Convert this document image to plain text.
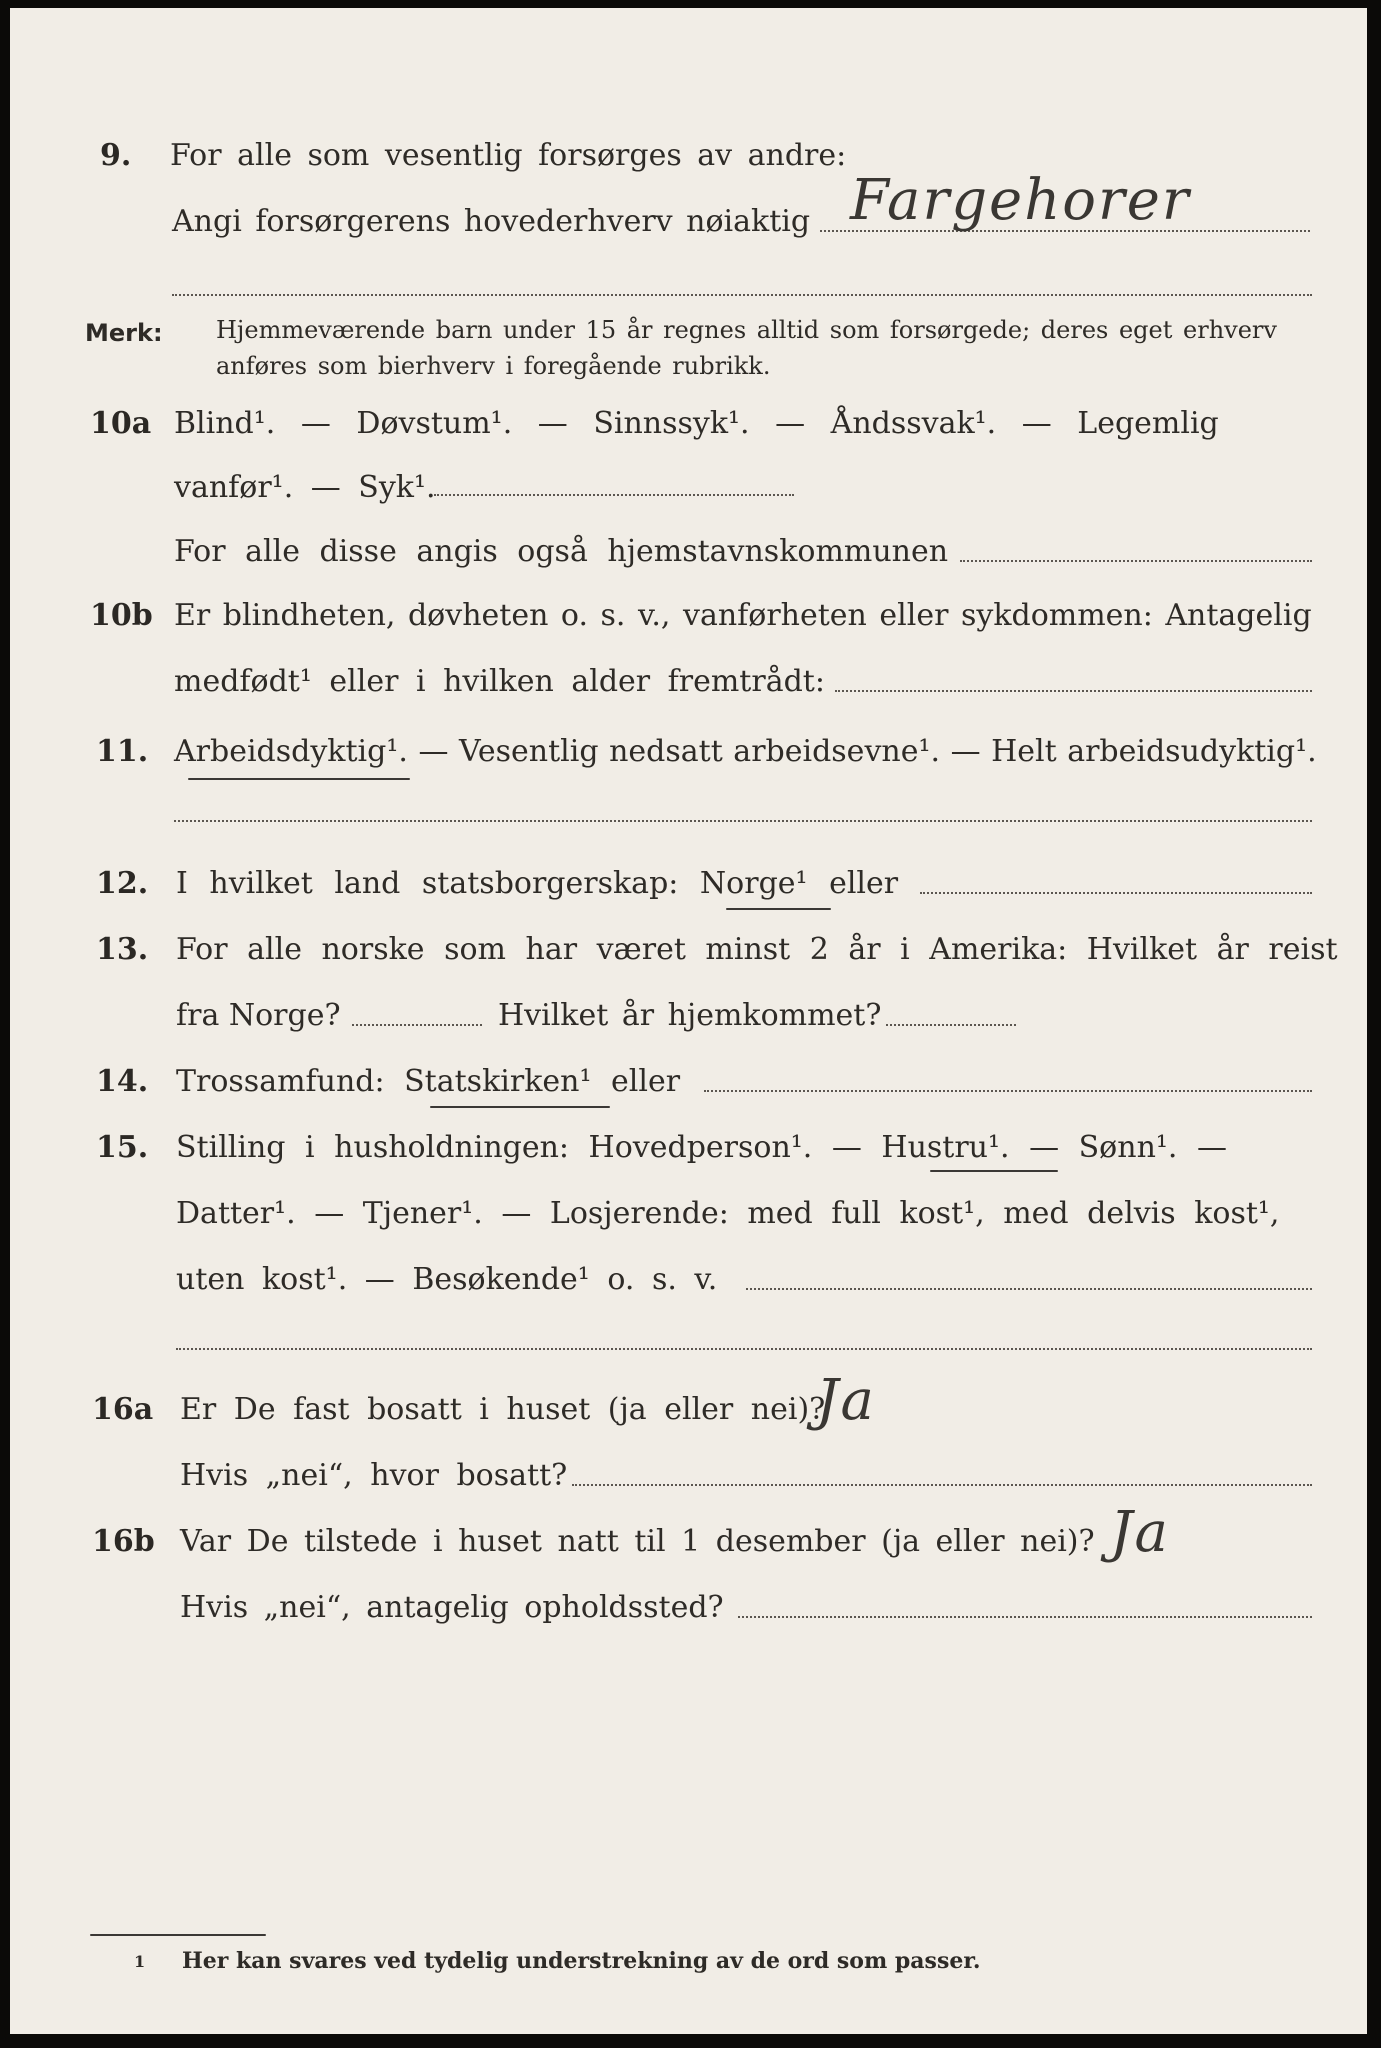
9. For alle som vesentlig forsørges av andre:
Angi forsørgerens hovederhverv nøiaktig Fargehorer
Merk: Hjemmeværende barn under 15 år regnes alltid som forsørgede; deres eget erhverv
anføres som bierhverv i foregående rubrikk.
10a Blind¹. — Døvstum¹. — Sinnssyk¹. — Åndssvak¹. — Legemlig
vanfør¹. — Syk¹.
For alle disse angis også hjemstavnskommunen
10b Er blindheten, døvheten o. s. v., vanførheten eller sykdommen: Antagelig
medfødt¹ eller i hvilken alder fremtrådt:
11. Arbeidsdyktig¹. — Vesentlig nedsatt arbeidsevne¹. — Helt arbeidsudyktig¹.
12. I hvilket land statsborgerskap: Norge¹ eller
13. For alle norske som har været minst 2 år i Amerika: Hvilket år reist
fra Norge?	Hvilket år hjemkommet?
14. Trossamfund: Statskirken¹ eller
15. Stilling i husholdningen: Hovedperson¹. — Hustru¹. — Sønn¹. —
Datter¹. — Tjener¹. — Losjerende: med full kost¹, med delvis kost¹,
uten kost¹. — Besøkende¹ o. s. v.
16a Er De fast bosatt i huset (ja eller nei)?
Ja
Hvis „nei“, hvor bosatt?
16b Var De tilstede i huset natt til 1 desember (ja eller nei)? Ja
Hvis „nei“, antagelig opholdssted?
1 Her kan svares ved tydelig understrekning av de ord som passer.
